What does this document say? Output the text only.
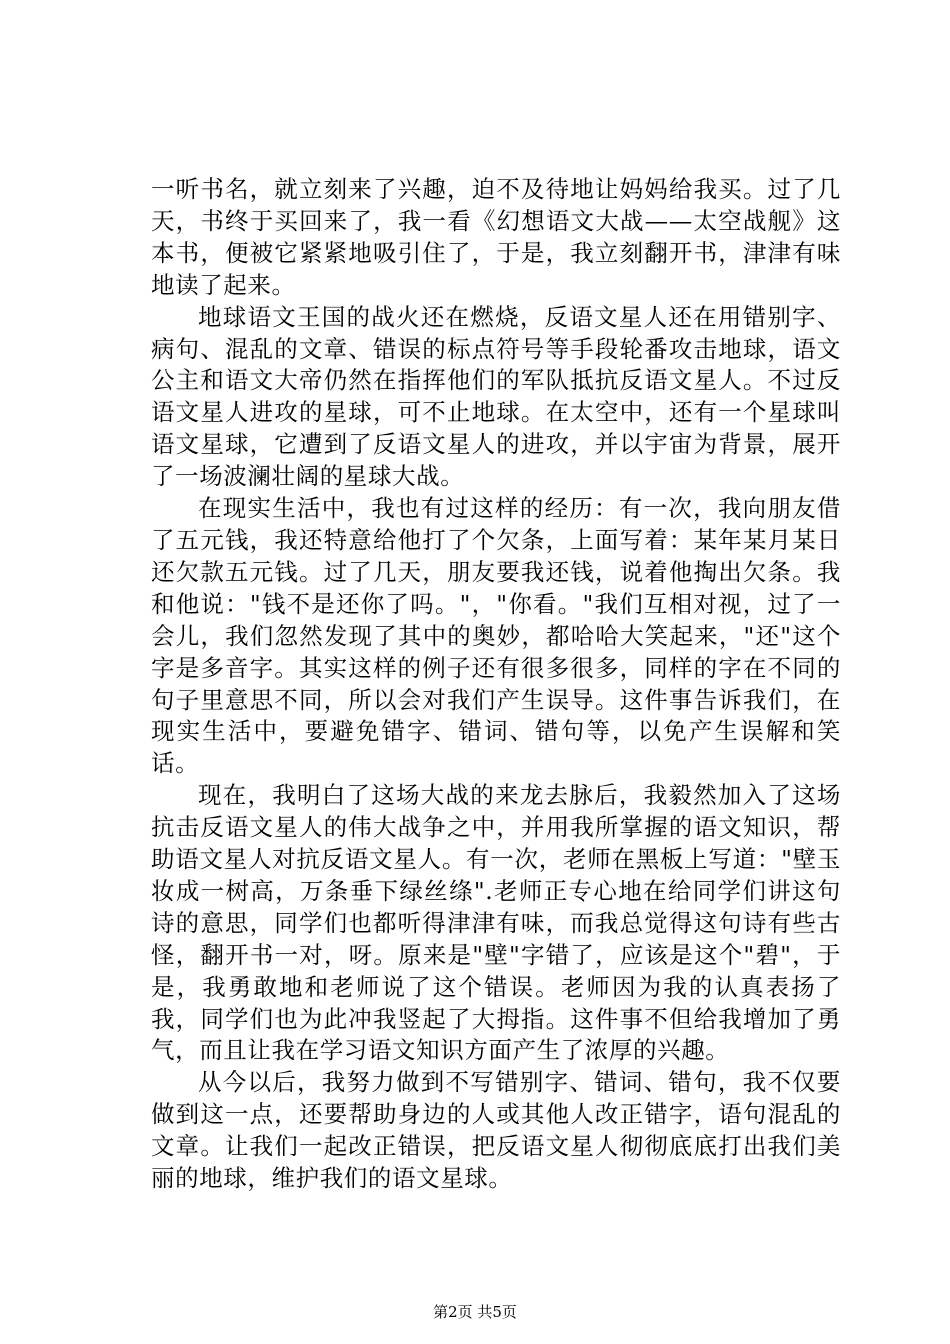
一听书名，就立刻来了兴趣，迫不及待地让妈妈给我买。过了几天，书终于买回来了，我一看《幻想语文大战——太空战舰》这本书，便被它紧紧地吸引住了，于是，我立刻翻开书，津津有味地读了起来。

地球语文王国的战火还在燃烧，反语文星人还在用错别字、病句、混乱的文章、错误的标点符号等手段轮番攻击地球，语文公主和语文大帝仍然在指挥他们的军队抵抗反语文星人。不过反语文星人进攻的星球，可不止地球。在太空中，还有一个星球叫语文星球，它遭到了反语文星人的进攻，并以宇宙为背景，展开了一场波澜壮阔的星球大战。

在现实生活中，我也有过这样的经历：有一次，我向朋友借了五元钱，我还特意给他打了个欠条，上面写着：某年某月某日还欠款五元钱。过了几天，朋友要我还钱，说着他掏出欠条。我和他说："钱不是还你了吗。"，"你看。"我们互相对视，过了一会儿，我们忽然发现了其中的奥妙，都哈哈大笑起来，"还"这个字是多音字。其实这样的例子还有很多很多，同样的字在不同的句子里意思不同，所以会对我们产生误导。这件事告诉我们，在现实生活中，要避免错字、错词、错句等，以免产生误解和笑话。

现在，我明白了这场大战的来龙去脉后，我毅然加入了这场抗击反语文星人的伟大战争之中，并用我所掌握的语文知识，帮助语文星人对抗反语文星人。有一次，老师在黑板上写道："壁玉妆成一树高，万条垂下绿丝绦".老师正专心地在给同学们讲这句诗的意思，同学们也都听得津津有味，而我总觉得这句诗有些古怪，翻开书一对，呀。原来是"壁"字错了，应该是这个"碧"，于是，我勇敢地和老师说了这个错误。老师因为我的认真表扬了我，同学们也为此冲我竖起了大拇指。这件事不但给我增加了勇气，而且让我在学习语文知识方面产生了浓厚的兴趣。

从今以后，我努力做到不写错别字、错词、错句，我不仅要做到这一点，还要帮助身边的人或其他人改正错字，语句混乱的文章。让我们一起改正错误，把反语文星人彻彻底底打出我们美丽的地球，维护我们的语文星球。

第2页 共5页
